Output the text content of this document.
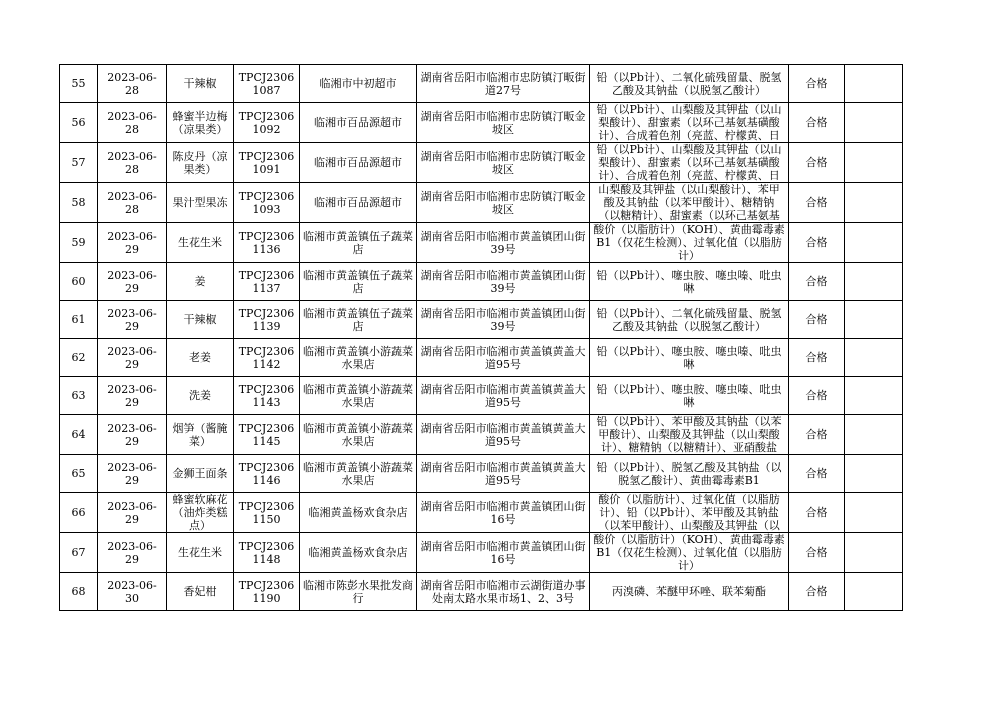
55	2023-06-28	干辣椒	TPCJ23061087	临湘市中初超市	湖南省岳阳市临湘市忠防镇汀畈街道27号	铅（以Pb计）、二氧化硫残留量、脱氢乙酸及其钠盐（以脱氢乙酸计）	合格	

56	2023-06-28	蜂蜜半边梅（凉果类）	TPCJ23061092	临湘市百品源超市	湖南省岳阳市临湘市忠防镇汀畈金坡区	铅（以Pb计）、山梨酸及其钾盐（以山梨酸计）、甜蜜素（以环己基氨基磺酸计）、合成着色剂（亮蓝、柠檬黄、日	合格	

57	2023-06-28	陈皮丹（凉果类）	TPCJ23061091	临湘市百品源超市	湖南省岳阳市临湘市忠防镇汀畈金坡区	铅（以Pb计）、山梨酸及其钾盐（以山梨酸计）、甜蜜素（以环己基氨基磺酸计）、合成着色剂（亮蓝、柠檬黄、日	合格	

58	2023-06-28	果汁型果冻	TPCJ23061093	临湘市百品源超市	湖南省岳阳市临湘市忠防镇汀畈金坡区	山梨酸及其钾盐（以山梨酸计）、苯甲酸及其钠盐（以苯甲酸计）、糖精钠（以糖精计）、甜蜜素（以环己基氨基	合格	

59	2023-06-29	生花生米	TPCJ23061136	临湘市黄盖镇伍子蔬菜店	湖南省岳阳市临湘市黄盖镇团山街39号	酸价（以脂肪计）（KOH）、黄曲霉毒素B1（仅花生检测）、过氧化值（以脂肪计）	合格	

60	2023-06-29	姜	TPCJ23061137	临湘市黄盖镇伍子蔬菜店	湖南省岳阳市临湘市黄盖镇团山街39号	铅（以Pb计）、噻虫胺、噻虫嗪、吡虫啉	合格	

61	2023-06-29	干辣椒	TPCJ23061139	临湘市黄盖镇伍子蔬菜店	湖南省岳阳市临湘市黄盖镇团山街39号	铅（以Pb计）、二氧化硫残留量、脱氢乙酸及其钠盐（以脱氢乙酸计）	合格	

62	2023-06-29	老姜	TPCJ23061142	临湘市黄盖镇小游蔬菜水果店	湖南省岳阳市临湘市黄盖镇黄盖大道95号	铅（以Pb计）、噻虫胺、噻虫嗪、吡虫啉	合格	

63	2023-06-29	洗姜	TPCJ23061143	临湘市黄盖镇小游蔬菜水果店	湖南省岳阳市临湘市黄盖镇黄盖大道95号	铅（以Pb计）、噻虫胺、噻虫嗪、吡虫啉	合格	

64	2023-06-29	烟笋（酱腌菜）	TPCJ23061145	临湘市黄盖镇小游蔬菜水果店	湖南省岳阳市临湘市黄盖镇黄盖大道95号	铅（以Pb计）、苯甲酸及其钠盐（以苯甲酸计）、山梨酸及其钾盐（以山梨酸计）、糖精钠（以糖精计）、亚硝酸盐	合格	

65	2023-06-29	金狮王面条	TPCJ23061146	临湘市黄盖镇小游蔬菜水果店	湖南省岳阳市临湘市黄盖镇黄盖大道95号	铅（以Pb计）、脱氢乙酸及其钠盐（以脱氢乙酸计）、黄曲霉毒素B1	合格	

66	2023-06-29	蜂蜜软麻花（油炸类糕点）	TPCJ23061150	临湘黄盖杨欢食杂店	湖南省岳阳市临湘市黄盖镇团山街16号	酸价（以脂肪计）、过氧化值（以脂肪计）、铅（以Pb计）、苯甲酸及其钠盐（以苯甲酸计）、山梨酸及其钾盐（以	合格	

67	2023-06-29	生花生米	TPCJ23061148	临湘黄盖杨欢食杂店	湖南省岳阳市临湘市黄盖镇团山街16号	酸价（以脂肪计）（KOH）、黄曲霉毒素B1（仅花生检测）、过氧化值（以脂肪计）	合格	

68	2023-06-30	香妃柑	TPCJ23061190	临湘市陈彭水果批发商行	湖南省岳阳市临湘市云湖街道办事处南太路水果市场1、2、3号	丙溴磷、苯醚甲环唑、联苯菊酯	合格	
